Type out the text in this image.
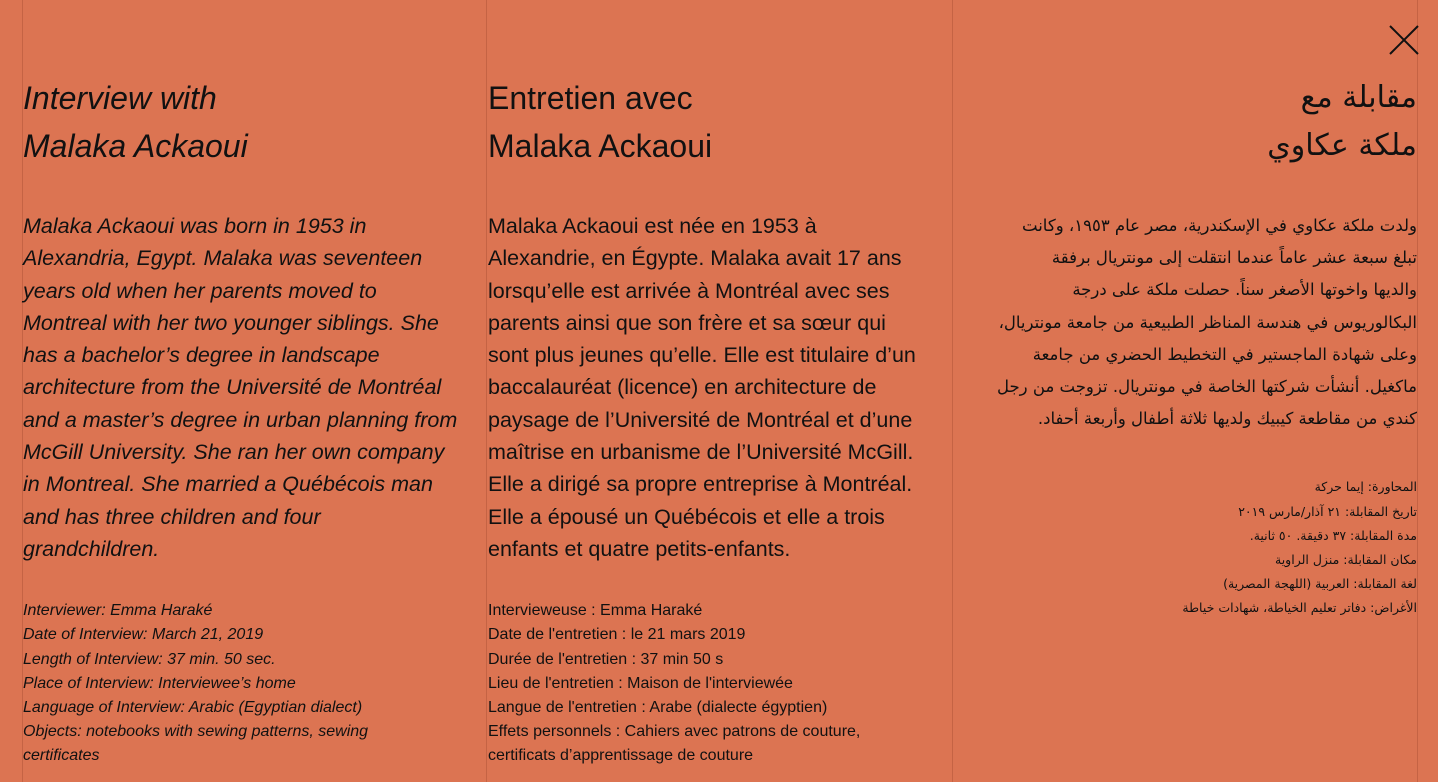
Interview with
Malaka Ackaoui

Malaka Ackaoui was born in 1953 in
Alexandria, Egypt. Malaka was seventeen
years old when her parents moved to
Montreal with her two younger siblings. She
has a bachelor’s degree in landscape
architecture from the Université de Montréal
and a master’s degree in urban planning from
McGill University. She ran her own company
in Montreal. She married a Québécois man
and has three children and four
grandchildren.

Interviewer: Emma Haraké
Date of Interview: March 21, 2019
Length of Interview: 37 min. 50 sec.
Place of Interview: Interviewee’s home
Language of Interview: Arabic (Egyptian dialect)
Objects: notebooks with sewing patterns, sewing
certificates
Entretien avec
Malaka Ackaoui

Malaka Ackaoui est née en 1953 à
Alexandrie, en Égypte. Malaka avait 17 ans
lorsqu’elle est arrivée à Montréal avec ses
parents ainsi que son frère et sa sœur qui
sont plus jeunes qu’elle. Elle est titulaire d’un
baccalauréat (licence) en architecture de
paysage de l’Université de Montréal et d’une
maîtrise en urbanisme de l’Université McGill.
Elle a dirigé sa propre entreprise à Montréal.
Elle a épousé un Québécois et elle a trois
enfants et quatre petits-enfants.

Intervieweuse : Emma Haraké
Date de l'entretien : le 21 mars 2019
Durée de l'entretien : 37 min 50 s
Lieu de l'entretien : Maison de l'interviewée
Langue de l'entretien : Arabe (dialecte égyptien)
Effets personnels : Cahiers avec patrons de couture,
certificats d’apprentissage de couture
مقابلة مع
ملكة عكاوي

ولدت ملكة عكاوي في الإسكندرية، مصر عام ١٩٥٣، وكانت
تبلغ سبعة عشر عاماً عندما انتقلت إلى مونتريال برفقة
والديها واخوتها الأصغر سناً. حصلت ملكة على درجة
البكالوريوس في هندسة المناظر الطبيعية من جامعة مونتريال،
وعلى شهادة الماجستير في التخطيط الحضري من جامعة
ماكغيل. أنشأت شركتها الخاصة في مونتريال. تزوجت من رجل
كندي من مقاطعة كيبيك ولديها ثلاثة أطفال وأربعة أحفاد.

المحاورة: إيما حركة
تاريخ المقابلة: ٢١ آذار/مارس ٢٠١٩
مدة المقابلة: ٣٧ دقيقة. ٥٠ ثانية.
مكان المقابلة: منزل الراوية
لغة المقابلة: العربية (اللهجة المصرية)
الأغراض: دفاتر تعليم الخياطة، شهادات خياطة
